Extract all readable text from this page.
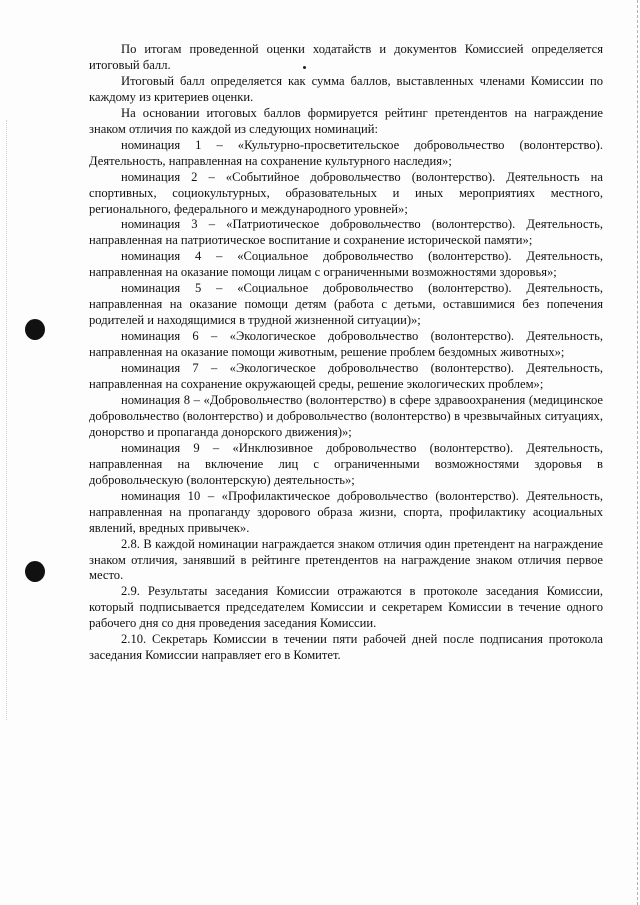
По итогам проведенной оценки ходатайств и документов Комиссией определяется итоговый балл.

Итоговый балл определяется как сумма баллов, выставленных членами Комиссии по каждому из критериев оценки.

На основании итоговых баллов формируется рейтинг претендентов на награждение знаком отличия по каждой из следующих номинаций:

номинация 1 – «Культурно-просветительское добровольчество (волонтерство). Деятельность, направленная на сохранение культурного наследия»;

номинация 2 – «Событийное добровольчество (волонтерство). Деятельность на спортивных, социокультурных, образовательных и иных мероприятиях местного, регионального, федерального и международного уровней»;

номинация 3 – «Патриотическое добровольчество (волонтерство). Деятельность, направленная на патриотическое воспитание и сохранение исторической памяти»;

номинация 4 – «Социальное добровольчество (волонтерство). Деятельность, направленная на оказание помощи лицам с ограниченными возможностями здоровья»;

номинация 5 – «Социальное добровольчество (волонтерство). Деятельность, направленная на оказание помощи детям (работа с детьми, оставшимися без попечения родителей и находящимися в трудной жизненной ситуации)»;

номинация 6 – «Экологическое добровольчество (волонтерство). Деятельность, направленная на оказание помощи животным, решение проблем бездомных животных»;

номинация 7 – «Экологическое добровольчество (волонтерство). Деятельность, направленная на сохранение окружающей среды, решение экологических проблем»;

номинация 8 – «Добровольчество (волонтерство) в сфере здравоохранения (медицинское добровольчество (волонтерство) и добровольчество (волонтерство) в чрезвычайных ситуациях, донорство и пропаганда донорского движения)»;

номинация 9 – «Инклюзивное добровольчество (волонтерство). Деятельность, направленная на включение лиц с ограниченными возможностями здоровья в добровольческую (волонтерскую) деятельность»;

номинация 10 – «Профилактическое добровольчество (волонтерство). Деятельность, направленная на пропаганду здорового образа жизни, спорта, профилактику асоциальных явлений, вредных привычек».

2.8. В каждой номинации награждается знаком отличия один претендент на награждение знаком отличия, занявший в рейтинге претендентов на награждение знаком отличия первое место.

2.9. Результаты заседания Комиссии отражаются в протоколе заседания Комиссии, который подписывается председателем Комиссии и секретарем Комиссии в течение одного рабочего дня со дня проведения заседания Комиссии.

2.10. Секретарь Комиссии в течении пяти рабочей дней после подписания протокола заседания Комиссии направляет его в Комитет.
